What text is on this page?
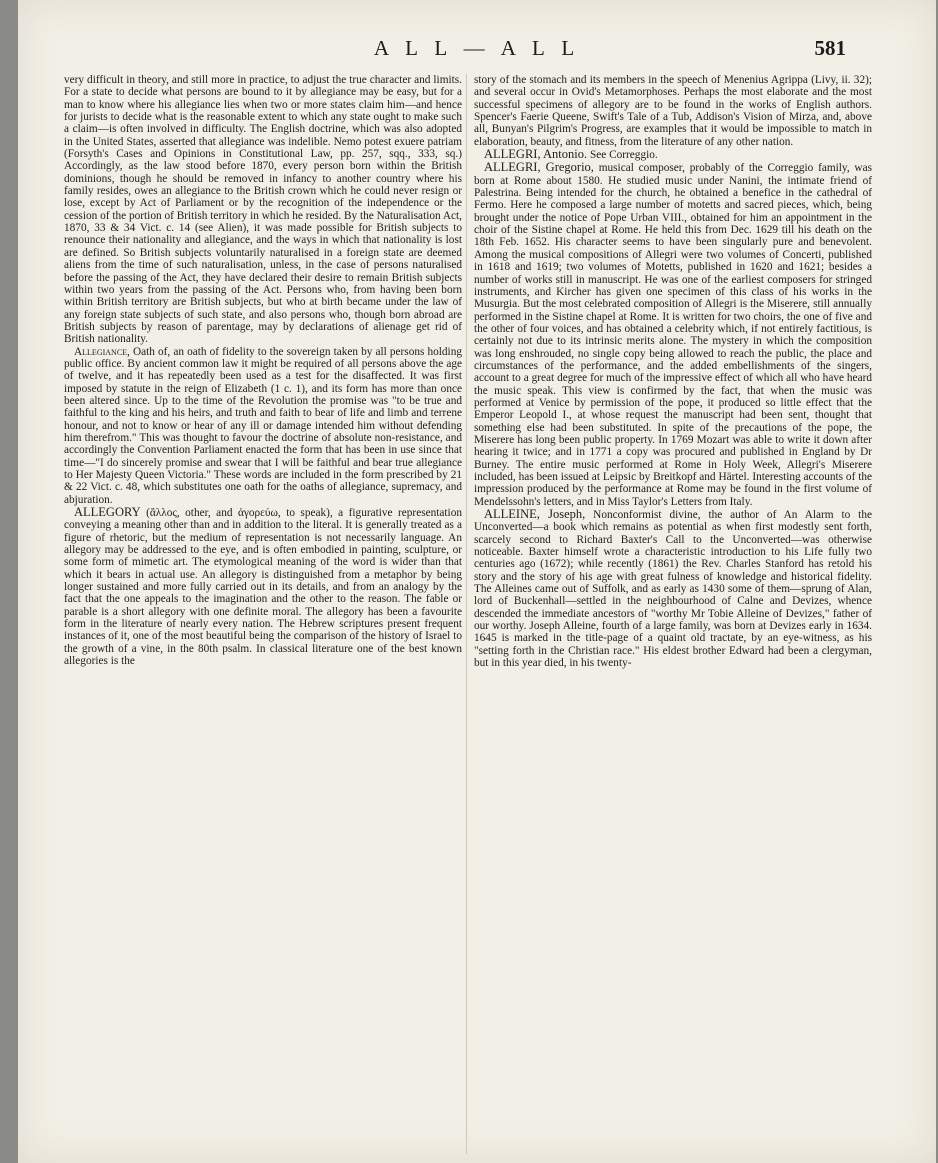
A L L — A L L	581

very difficult in theory, and still more in practice, to adjust the true character and limits. For a state to decide what persons are bound to it by allegiance may be easy, but for a man to know where his allegiance lies when two or more states claim him—and hence for jurists to decide what is the reasonable extent to which any state ought to make such a claim—is often involved in difficulty. The English doctrine, which was also adopted in the United States, asserted that allegiance was indelible. Nemo potest exuere patriam (Forsyth's Cases and Opinions in Constitutional Law, pp. 257, sqq., 333, sq.) Accordingly, as the law stood before 1870, every person born within the British dominions, though he should be removed in infancy to another country where his family resides, owes an allegiance to the British crown which he could never resign or lose, except by Act of Parliament or by the recognition of the independence or the cession of the portion of British territory in which he resided. By the Naturalisation Act, 1870, 33 & 34 Vict. c. 14 (see Alien), it was made possible for British subjects to renounce their nationality and allegiance, and the ways in which that nationality is lost are defined. So British subjects voluntarily naturalised in a foreign state are deemed aliens from the time of such naturalisation, unless, in the case of persons naturalised before the passing of the Act, they have declared their desire to remain British subjects within two years from the passing of the Act. Persons who, from having been born within British territory are British subjects, but who at birth became under the law of any foreign state subjects of such state, and also persons who, though born abroad are British subjects by reason of parentage, may by declarations of alienage get rid of British nationality.

Allegiance, Oath of, an oath of fidelity to the sovereign taken by all persons holding public office. By ancient common law it might be required of all persons above the age of twelve, and it has repeatedly been used as a test for the disaffected. It was first imposed by statute in the reign of Elizabeth (1 c. 1), and its form has more than once been altered since. Up to the time of the Revolution the promise was "to be true and faithful to the king and his heirs, and truth and faith to bear of life and limb and terrene honour, and not to know or hear of any ill or damage intended him without defending him therefrom." This was thought to favour the doctrine of absolute non-resistance, and accordingly the Convention Parliament enacted the form that has been in use since that time—"I do sincerely promise and swear that I will be faithful and bear true allegiance to Her Majesty Queen Victoria." These words are included in the form prescribed by 21 & 22 Vict. c. 48, which substitutes one oath for the oaths of allegiance, supremacy, and abjuration.

ALLEGORY (ἄλλος, other, and ἀγορεύω, to speak), a figurative representation conveying a meaning other than and in addition to the literal. It is generally treated as a figure of rhetoric, but the medium of representation is not necessarily language. An allegory may be addressed to the eye, and is often embodied in painting, sculpture, or some form of mimetic art. The etymological meaning of the word is wider than that which it bears in actual use. An allegory is distinguished from a metaphor by being longer sustained and more fully carried out in its details, and from an analogy by the fact that the one appeals to the imagination and the other to the reason. The fable or parable is a short allegory with one definite moral. The allegory has been a favourite form in the literature of nearly every nation. The Hebrew scriptures present frequent instances of it, one of the most beautiful being the comparison of the history of Israel to the growth of a vine, in the 80th psalm. In classical literature one of the best known allegories is the

story of the stomach and its members in the speech of Menenius Agrippa (Livy, ii. 32); and several occur in Ovid's Metamorphoses. Perhaps the most elaborate and the most successful specimens of allegory are to be found in the works of English authors. Spencer's Faerie Queene, Swift's Tale of a Tub, Addison's Vision of Mirza, and, above all, Bunyan's Pilgrim's Progress, are examples that it would be impossible to match in elaboration, beauty, and fitness, from the literature of any other nation.

ALLEGRI, Antonio. See Correggio.

ALLEGRI, Gregorio, musical composer, probably of the Correggio family, was born at Rome about 1580. He studied music under Nanini, the intimate friend of Palestrina. Being intended for the church, he obtained a benefice in the cathedral of Fermo. Here he composed a large number of motetts and sacred pieces, which, being brought under the notice of Pope Urban VIII., obtained for him an appointment in the choir of the Sistine chapel at Rome. He held this from Dec. 1629 till his death on the 18th Feb. 1652. His character seems to have been singularly pure and benevolent. Among the musical compositions of Allegri were two volumes of Concerti, published in 1618 and 1619; two volumes of Motetts, published in 1620 and 1621; besides a number of works still in manuscript. He was one of the earliest composers for stringed instruments, and Kircher has given one specimen of this class of his works in the Musurgia. But the most celebrated composition of Allegri is the Miserere, still annually performed in the Sistine chapel at Rome. It is written for two choirs, the one of five and the other of four voices, and has obtained a celebrity which, if not entirely factitious, is certainly not due to its intrinsic merits alone. The mystery in which the composition was long enshrouded, no single copy being allowed to reach the public, the place and circumstances of the performance, and the added embellishments of the singers, account to a great degree for much of the impressive effect of which all who have heard the music speak. This view is confirmed by the fact, that when the music was performed at Venice by permission of the pope, it produced so little effect that the Emperor Leopold I., at whose request the manuscript had been sent, thought that something else had been substituted. In spite of the precautions of the pope, the Miserere has long been public property. In 1769 Mozart was able to write it down after hearing it twice; and in 1771 a copy was procured and published in England by Dr Burney. The entire music performed at Rome in Holy Week, Allegri's Miserere included, has been issued at Leipsic by Breitkopf and Härtel. Interesting accounts of the impression produced by the performance at Rome may be found in the first volume of Mendelssohn's letters, and in Miss Taylor's Letters from Italy.

ALLEINE, Joseph, Nonconformist divine, the author of An Alarm to the Unconverted—a book which remains as potential as when first modestly sent forth, scarcely second to Richard Baxter's Call to the Unconverted—was otherwise noticeable. Baxter himself wrote a characteristic introduction to his Life fully two centuries ago (1672); while recently (1861) the Rev. Charles Stanford has retold his story and the story of his age with great fulness of knowledge and historical fidelity. The Alleines came out of Suffolk, and as early as 1430 some of them—sprung of Alan, lord of Buckenhall—settled in the neighbourhood of Calne and Devizes, whence descended the immediate ancestors of "worthy Mr Tobie Alleine of Devizes," father of our worthy. Joseph Alleine, fourth of a large family, was born at Devizes early in 1634. 1645 is marked in the title-page of a quaint old tractate, by an eye-witness, as his "setting forth in the Christian race." His eldest brother Edward had been a clergyman, but in this year died, in his twenty-
